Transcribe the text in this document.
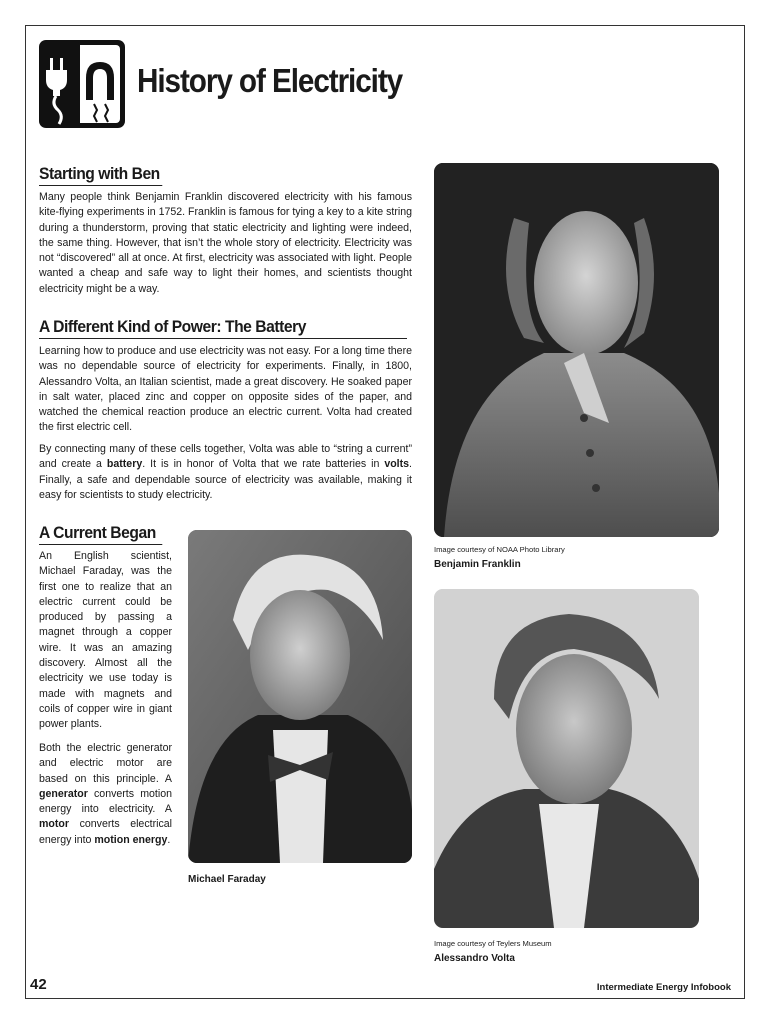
History of Electricity
Starting with Ben

Many people think Benjamin Franklin discovered electricity with his famous kite-flying experiments in 1752. Franklin is famous for tying a key to a kite string during a thunderstorm, proving that static electricity and lighting were indeed, the same thing. However, that isn’t the whole story of electricity. Electricity was not “discovered” all at once. At first, electricity was associated with light. People wanted a cheap and safe way to light their homes, and scientists thought electricity might be a way.

A Different Kind of Power: The Battery

Learning how to produce and use electricity was not easy. For a long time there was no dependable source of electricity for experiments. Finally, in 1800, Alessandro Volta, an Italian scientist, made a great discovery. He soaked paper in salt water, placed zinc and copper on opposite sides of the paper, and watched the chemical reaction produce an electric current. Volta had created the first electric cell.

By connecting many of these cells together, Volta was able to “string a current” and create a battery. It is in honor of Volta that we rate batteries in volts. Finally, a safe and dependable source of electricity was available, making it easy for scientists to study electricity.

A Current Began

An English scientist, Michael Faraday, was the first one to realize that an electric current could be produced by passing a magnet through a copper wire. It was an amazing discovery. Almost all the electricity we use today is made with magnets and coils of copper wire in giant power plants.

Both the electric generator and electric motor are based on this principle. A generator converts motion energy into electricity. A motor converts electrical energy into motion energy.

Image courtesy of NOAA Photo Library
Benjamin Franklin
Michael Faraday
Image courtesy of Teylers Museum
Alessandro Volta
42	Intermediate Energy Infobook
